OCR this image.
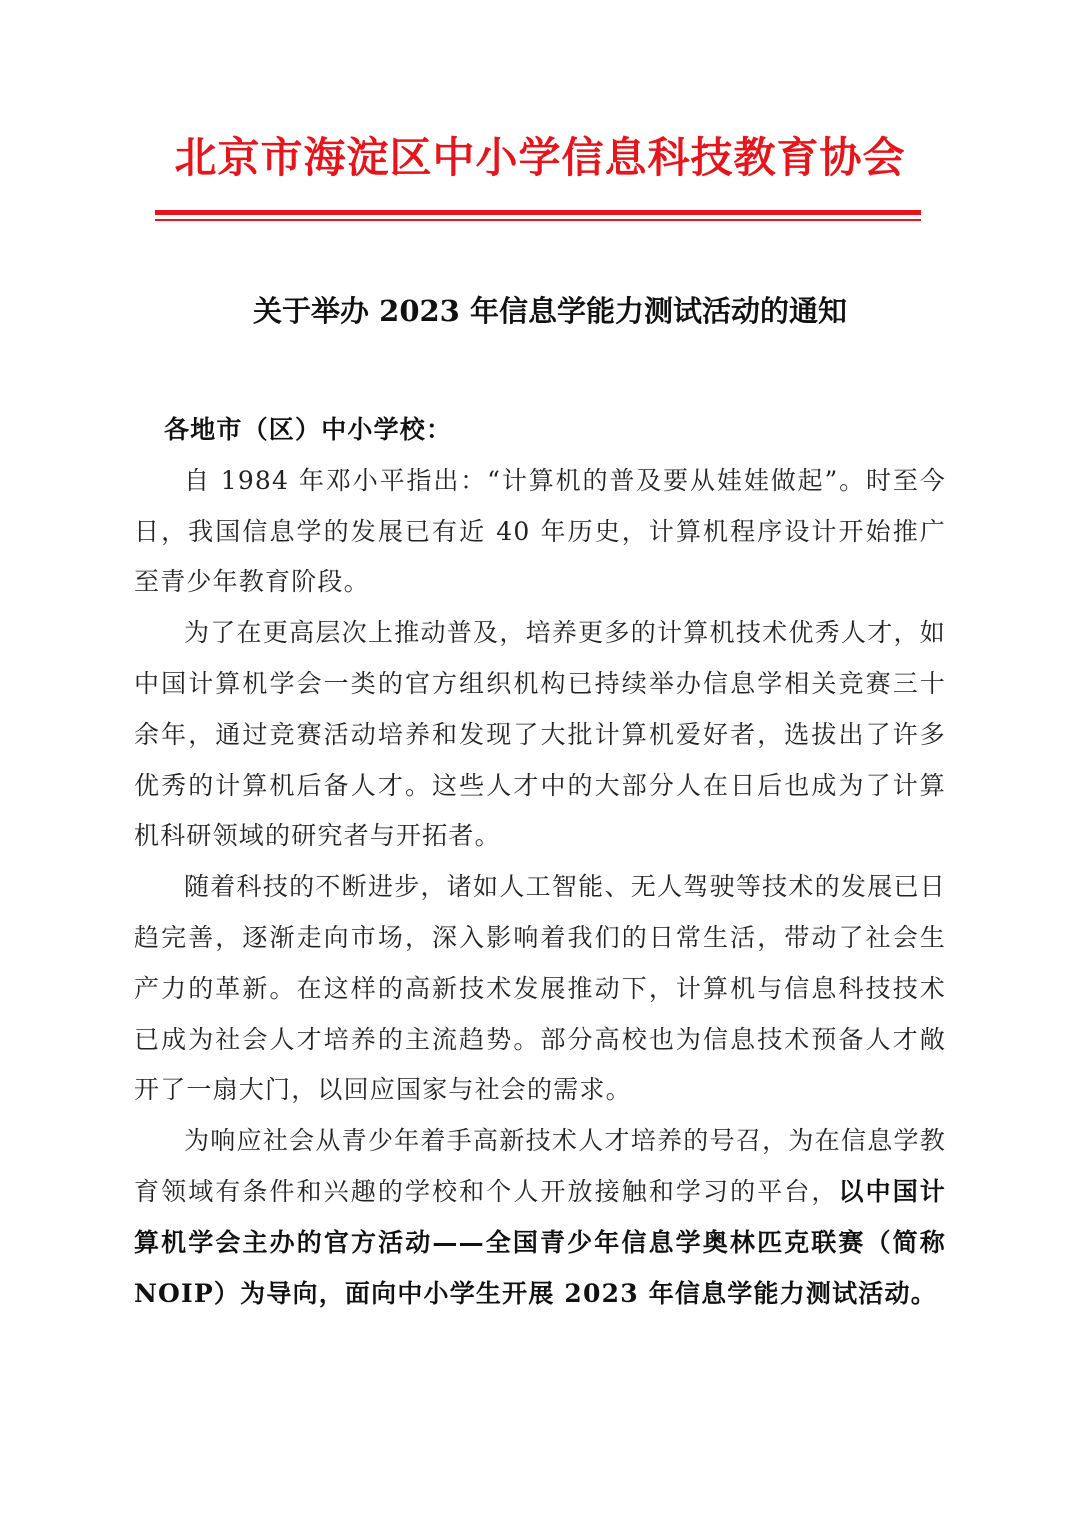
北京市海淀区中小学信息科技教育协会
关于举办 2023 年信息学能力测试活动的通知

各地市（区）中小学校：

自 1984 年邓小平指出：“计算机的普及要从娃娃做起”。时至今日，我国信息学的发展已有近 40 年历史，计算机程序设计开始推广至青少年教育阶段。

为了在更高层次上推动普及，培养更多的计算机技术优秀人才，如中国计算机学会一类的官方组织机构已持续举办信息学相关竞赛三十余年，通过竞赛活动培养和发现了大批计算机爱好者，选拔出了许多优秀的计算机后备人才。这些人才中的大部分人在日后也成为了计算机科研领域的研究者与开拓者。

随着科技的不断进步，诸如人工智能、无人驾驶等技术的发展已日趋完善，逐渐走向市场，深入影响着我们的日常生活，带动了社会生产力的革新。在这样的高新技术发展推动下，计算机与信息科技技术已成为社会人才培养的主流趋势。部分高校也为信息技术预备人才敞开了一扇大门，以回应国家与社会的需求。

为响应社会从青少年着手高新技术人才培养的号召，为在信息学教育领域有条件和兴趣的学校和个人开放接触和学习的平台，以中国计算机学会主办的官方活动——全国青少年信息学奥林匹克联赛（简称 NOIP）为导向，面向中小学生开展 2023 年信息学能力测试活动。
